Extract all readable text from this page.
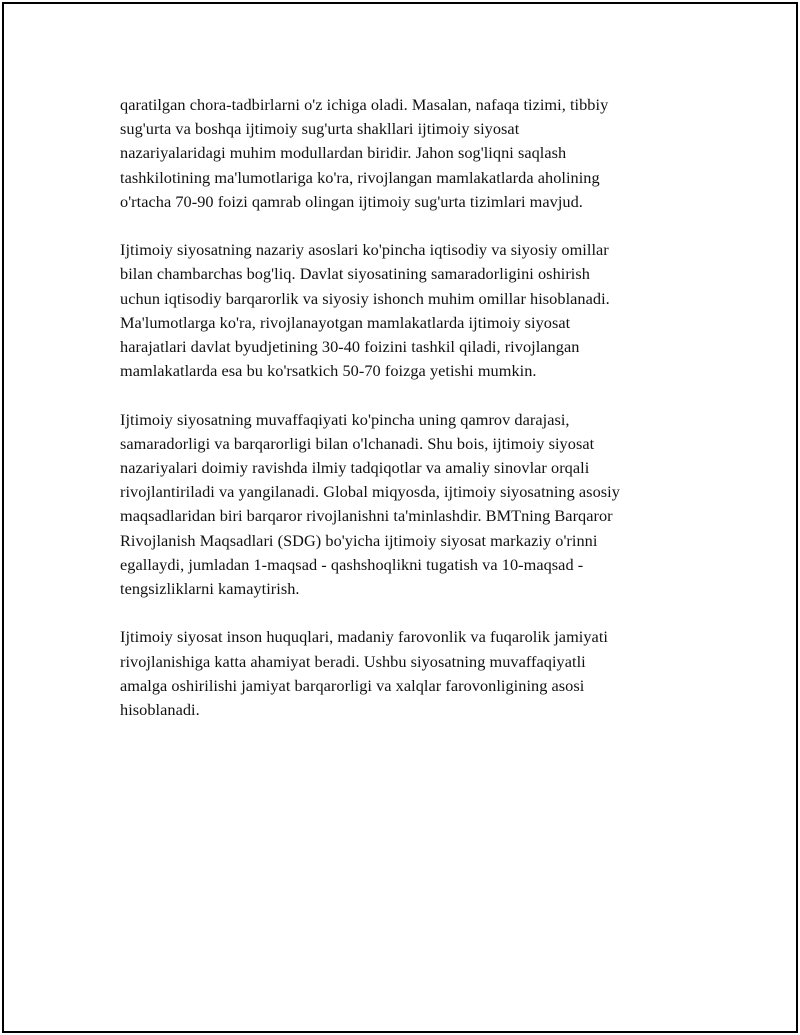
qaratilgan chora-tadbirlarni o'z ichiga oladi. Masalan, nafaqa tizimi, tibbiy
sug'urta va boshqa ijtimoiy sug'urta shakllari ijtimoiy siyosat
nazariyalaridagi muhim modullardan biridir. Jahon sog'liqni saqlash
tashkilotining ma'lumotlariga ko'ra, rivojlangan mamlakatlarda aholining
o'rtacha 70-90 foizi qamrab olingan ijtimoiy sug'urta tizimlari mavjud.

Ijtimoiy siyosatning nazariy asoslari ko'pincha iqtisodiy va siyosiy omillar
bilan chambarchas bog'liq. Davlat siyosatining samaradorligini oshirish
uchun iqtisodiy barqarorlik va siyosiy ishonch muhim omillar hisoblanadi.
Ma'lumotlarga ko'ra, rivojlanayotgan mamlakatlarda ijtimoiy siyosat
harajatlari davlat byudjetining 30-40 foizini tashkil qiladi, rivojlangan
mamlakatlarda esa bu ko'rsatkich 50-70 foizga yetishi mumkin.

Ijtimoiy siyosatning muvaffaqiyati ko'pincha uning qamrov darajasi,
samaradorligi va barqarorligi bilan o'lchanadi. Shu bois, ijtimoiy siyosat
nazariyalari doimiy ravishda ilmiy tadqiqotlar va amaliy sinovlar orqali
rivojlantiriladi va yangilanadi. Global miqyosda, ijtimoiy siyosatning asosiy
maqsadlaridan biri barqaror rivojlanishni ta'minlashdir. BMTning Barqaror
Rivojlanish Maqsadlari (SDG) bo'yicha ijtimoiy siyosat markaziy o'rinni
egallaydi, jumladan 1-maqsad - qashshoqlikni tugatish va 10-maqsad -
tengsizliklarni kamaytirish.

Ijtimoiy siyosat inson huquqlari, madaniy farovonlik va fuqarolik jamiyati
rivojlanishiga katta ahamiyat beradi. Ushbu siyosatning muvaffaqiyatli
amalga oshirilishi jamiyat barqarorligi va xalqlar farovonligining asosi
hisoblanadi.
